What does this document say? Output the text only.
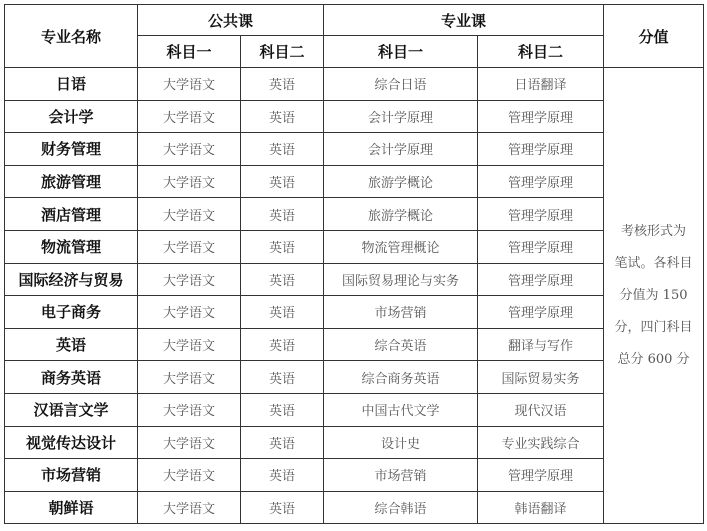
专业名称	公共课		专业课		分值
	科目一	科目二	科目一	科目二	
日语	大学语文	英语	综合日语	日语翻译	考核形式为
笔试。各科目
分值为 150
分，四门科目
总分 600 分

会计学	大学语文	英语	会计学原理	管理学原理	
财务管理	大学语文	英语	会计学原理	管理学原理	
旅游管理	大学语文	英语	旅游学概论	管理学原理	
酒店管理	大学语文	英语	旅游学概论	管理学原理	
物流管理	大学语文	英语	物流管理概论	管理学原理	
国际经济与贸易	大学语文	英语	国际贸易理论与实务	管理学原理	
电子商务	大学语文	英语	市场营销	管理学原理	
英语	大学语文	英语	综合英语	翻译与写作	
商务英语	大学语文	英语	综合商务英语	国际贸易实务	
汉语言文学	大学语文	英语	中国古代文学	现代汉语	
视觉传达设计	大学语文	英语	设计史	专业实践综合	
市场营销	大学语文	英语	市场营销	管理学原理	
朝鲜语	大学语文	英语	综合韩语	韩语翻译	
